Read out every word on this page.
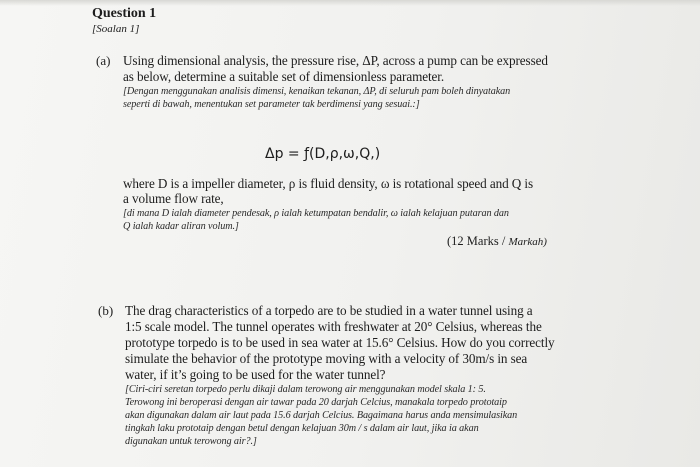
Question 1
[Soalan 1]
(a) Using dimensional analysis, the pressure rise, ΔP, across a pump can be expressed
as below, determine a suitable set of dimensionless parameter.
[Dengan menggunakan analisis dimensi, kenaikan tekanan, ΔP, di seluruh pam boleh dinyatakan
seperti di bawah, menentukan set parameter tak berdimensi yang sesuai.:]
Δp = ƒ(D,ρ,ω,Q,)
where D is a impeller diameter, ρ is fluid density, ω is rotational speed and Q is
a volume flow rate,
[di mana D ialah diameter pendesak, ρ ialah ketumpatan bendalir, ω ialah kelajuan putaran dan
Q ialah kadar aliran volum.]
(12 Marks / Markah)
(b) The drag characteristics of a torpedo are to be studied in a water tunnel using a
1:5 scale model. The tunnel operates with freshwater at 20° Celsius, whereas the
prototype torpedo is to be used in sea water at 15.6° Celsius. How do you correctly
simulate the behavior of the prototype moving with a velocity of 30m/s in sea
water, if it’s going to be used for the water tunnel?
[Ciri-ciri seretan torpedo perlu dikaji dalam terowong air menggunakan model skala 1: 5.
Terowong ini beroperasi dengan air tawar pada 20 darjah Celcius, manakala torpedo prototaip
akan digunakan dalam air laut pada 15.6 darjah Celcius. Bagaimana harus anda mensimulasikan
tingkah laku prototaip dengan betul dengan kelajuan 30m / s dalam air laut, jika ia akan
digunakan untuk terowong air?.]
